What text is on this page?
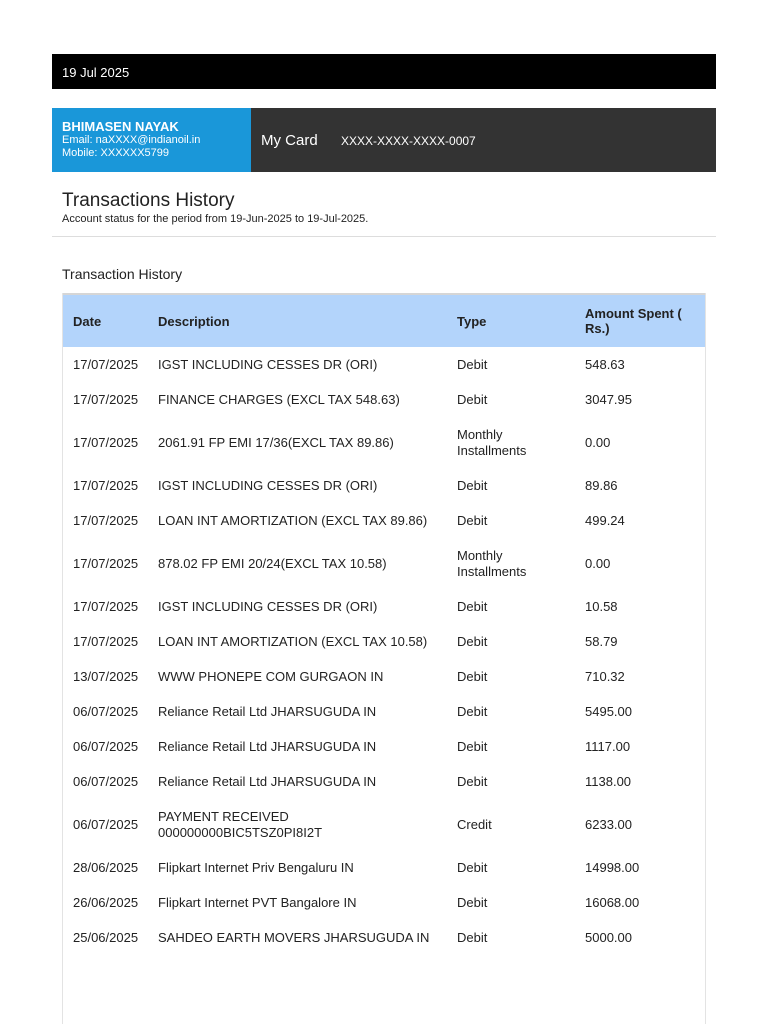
19 Jul 2025
BHIMASEN NAYAK
Email: naXXXX@indianoil.in
Mobile: XXXXXX5799
My Card	XXXX-XXXX-XXXX-0007
Transactions History
Account status for the period from 19-Jun-2025 to 19-Jul-2025.
Transaction History
Date	Description	Type	Amount Spent ( Rs.)
17/07/2025	IGST INCLUDING CESSES DR (ORI)	Debit	548.63
17/07/2025	FINANCE CHARGES (EXCL TAX 548.63)	Debit	3047.95
17/07/2025	2061.91 FP EMI 17/36(EXCL TAX 89.86)	Monthly Installments	0.00
17/07/2025	IGST INCLUDING CESSES DR (ORI)	Debit	89.86
17/07/2025	LOAN INT AMORTIZATION (EXCL TAX 89.86)	Debit	499.24
17/07/2025	878.02 FP EMI 20/24(EXCL TAX 10.58)	Monthly Installments	0.00
17/07/2025	IGST INCLUDING CESSES DR (ORI)	Debit	10.58
17/07/2025	LOAN INT AMORTIZATION (EXCL TAX 10.58)	Debit	58.79
13/07/2025	WWW PHONEPE COM GURGAON IN	Debit	710.32
06/07/2025	Reliance Retail Ltd JHARSUGUDA IN	Debit	5495.00
06/07/2025	Reliance Retail Ltd JHARSUGUDA IN	Debit	1117.00
06/07/2025	Reliance Retail Ltd JHARSUGUDA IN	Debit	1138.00
06/07/2025	PAYMENT RECEIVED 000000000BIC5TSZ0PI8I2T	Credit	6233.00
28/06/2025	Flipkart Internet Priv Bengaluru IN	Debit	14998.00
26/06/2025	Flipkart Internet PVT Bangalore IN	Debit	16068.00
25/06/2025	SAHDEO EARTH MOVERS JHARSUGUDA IN	Debit	5000.00
